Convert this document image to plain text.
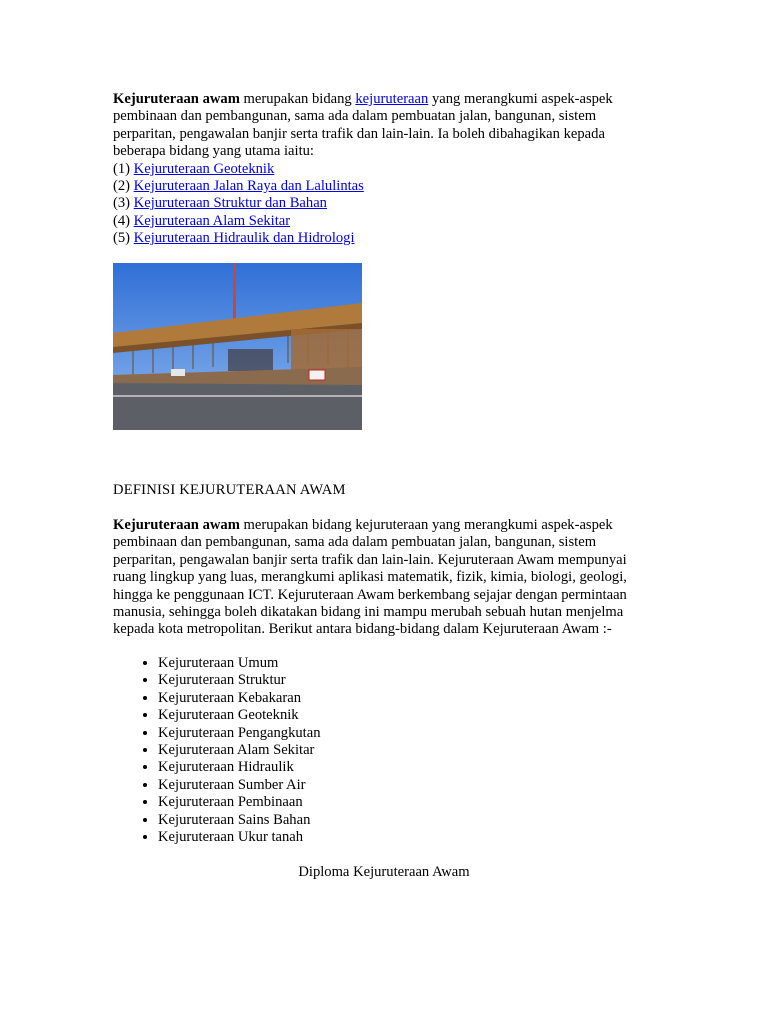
Kejuruteraan awam merupakan bidang kejuruteraan yang merangkumi aspek-aspek pembinaan dan pembangunan, sama ada dalam pembuatan jalan, bangunan, sistem perparitan, pengawalan banjir serta trafik dan lain-lain. Ia boleh dibahagikan kepada beberapa bidang yang utama iaitu:

(1) Kejuruteraan Geoteknik
(2) Kejuruteraan Jalan Raya dan Lalulintas
(3) Kejuruteraan Struktur dan Bahan
(4) Kejuruteraan Alam Sekitar
(5) Kejuruteraan Hidraulik dan Hidrologi
DEFINISI KEJURUTERAAN AWAM

Kejuruteraan awam merupakan bidang kejuruteraan yang merangkumi aspek-aspek pembinaan dan pembangunan, sama ada dalam pembuatan jalan, bangunan, sistem perparitan, pengawalan banjir serta trafik dan lain-lain. Kejuruteraan Awam mempunyai ruang lingkup yang luas, merangkumi aplikasi matematik, fizik, kimia, biologi, geologi, hingga ke penggunaan ICT. Kejuruteraan Awam berkembang sejajar dengan permintaan manusia, sehingga boleh dikatakan bidang ini mampu merubah sebuah hutan menjelma kepada kota metropolitan. Berikut antara bidang-bidang dalam Kejuruteraan Awam :-

• Kejuruteraan Umum
• Kejuruteraan Struktur
• Kejuruteraan Kebakaran
• Kejuruteraan Geoteknik
• Kejuruteraan Pengangkutan
• Kejuruteraan Alam Sekitar
• Kejuruteraan Hidraulik
• Kejuruteraan Sumber Air
• Kejuruteraan Pembinaan
• Kejuruteraan Sains Bahan
• Kejuruteraan Ukur tanah
Diploma Kejuruteraan Awam
